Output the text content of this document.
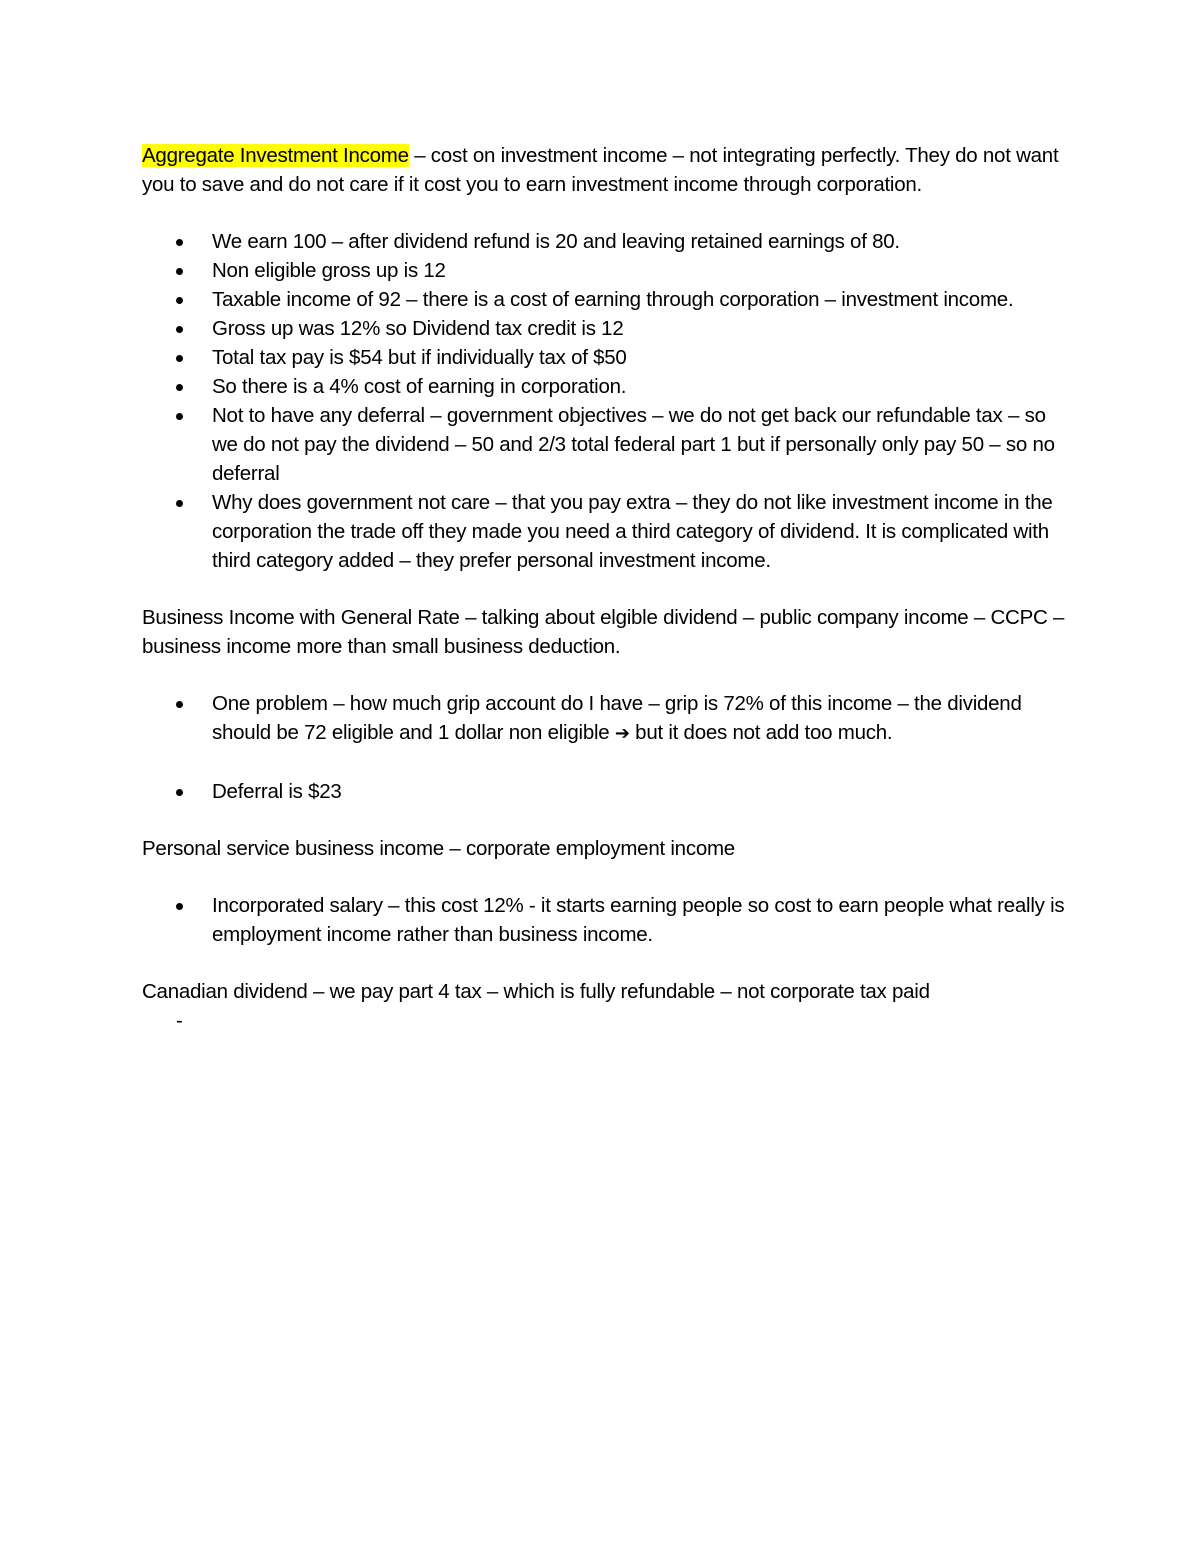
Aggregate Investment Income – cost on investment income – not integrating perfectly. They do not want you to save and do not care if it cost you to earn investment income through corporation.

We earn 100 – after dividend refund is 20 and leaving retained earnings of 80.
Non eligible gross up is 12
Taxable income of 92 – there is a cost of earning through corporation – investment income.
Gross up was 12% so Dividend tax credit is 12
Total tax pay is $54 but if individually tax of $50
So there is a 4% cost of earning in corporation.
Not to have any deferral – government objectives – we do not get back our refundable tax – so we do not pay the dividend – 50 and 2/3 total federal part 1 but if personally only pay 50 – so no deferral
Why does government not care – that you pay extra – they do not like investment income in the corporation the trade off they made you need a third category of dividend. It is complicated with third category added – they prefer personal investment income.

Business Income with General Rate – talking about elgible dividend – public company income – CCPC – business income more than small business deduction.

One problem – how much grip account do I have – grip is 72% of this income – the dividend should be 72 eligible and 1 dollar non eligible ➔ but it does not add too much.
Deferral is $23

Personal service business income – corporate employment income

Incorporated salary – this cost 12% - it starts earning people so cost to earn people what really is employment income rather than business income.

Canadian dividend – we pay part 4 tax – which is fully refundable – not corporate tax paid

-
